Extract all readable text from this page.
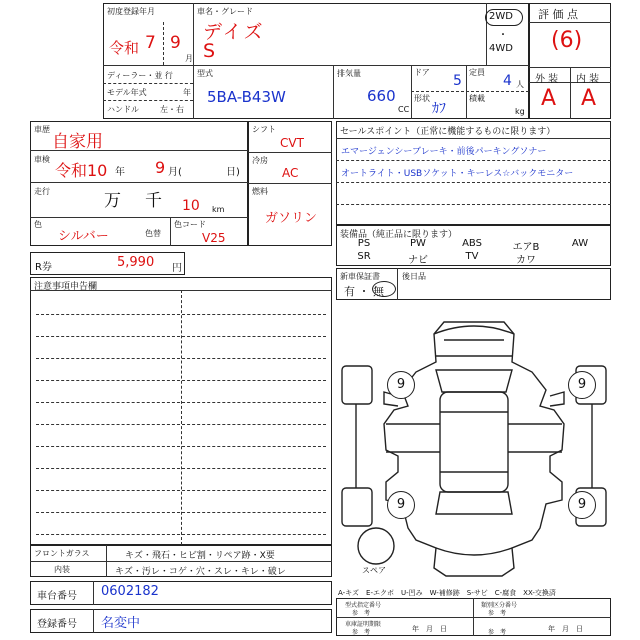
初度登録年月
令和 7 9
月
車名・グレード
デイズ
S
2WD
・
4WD
ディーラー・並 行
モデル年式	年
ハンドル	左・右
型式
5BA-B43W
排気量
660
CC
ドア
5
定員
4 人
形状
ｶﾌ
積載
kg
評 価 点
(6)
外 装 内 装
A A
車歴
自家用
車検
令和10 年 9 月(	日)
走行	万 千 10 km
色
シルバー	色替
色コード
V25
シフト
CVT
冷房
AC
燃料
ガソリン
セールスポイント（正常に機能するものに限ります）
エマージェンシーブレーキ・前後パーキングソナー
オートライト・USBソケット・キーレス☆バックモニター
装備品（純正品に限ります）
PS	PW	ABS	エアB	AW
SR	ナビ	TV	カワ
新車保証書
有 ・ 無
後日品
R券	5,990 円
注意事項申告欄
フロントガラス	キズ・飛石・ヒビ割・リペア跡・X要
内装	キズ・汚レ・コゲ・穴・スレ・キレ・破レ
車台番号 0602182
登録番号 名変中
9	9
9	9
スペア
A-キズ　E-エクボ　U-凹み　W-補修跡　S-サビ　C-腐食　XX-交換済
型式指定番号
参　考
類別区分番号
参　考
車庫証明期限
参　考	年　月　日	年　月　日
参　考
